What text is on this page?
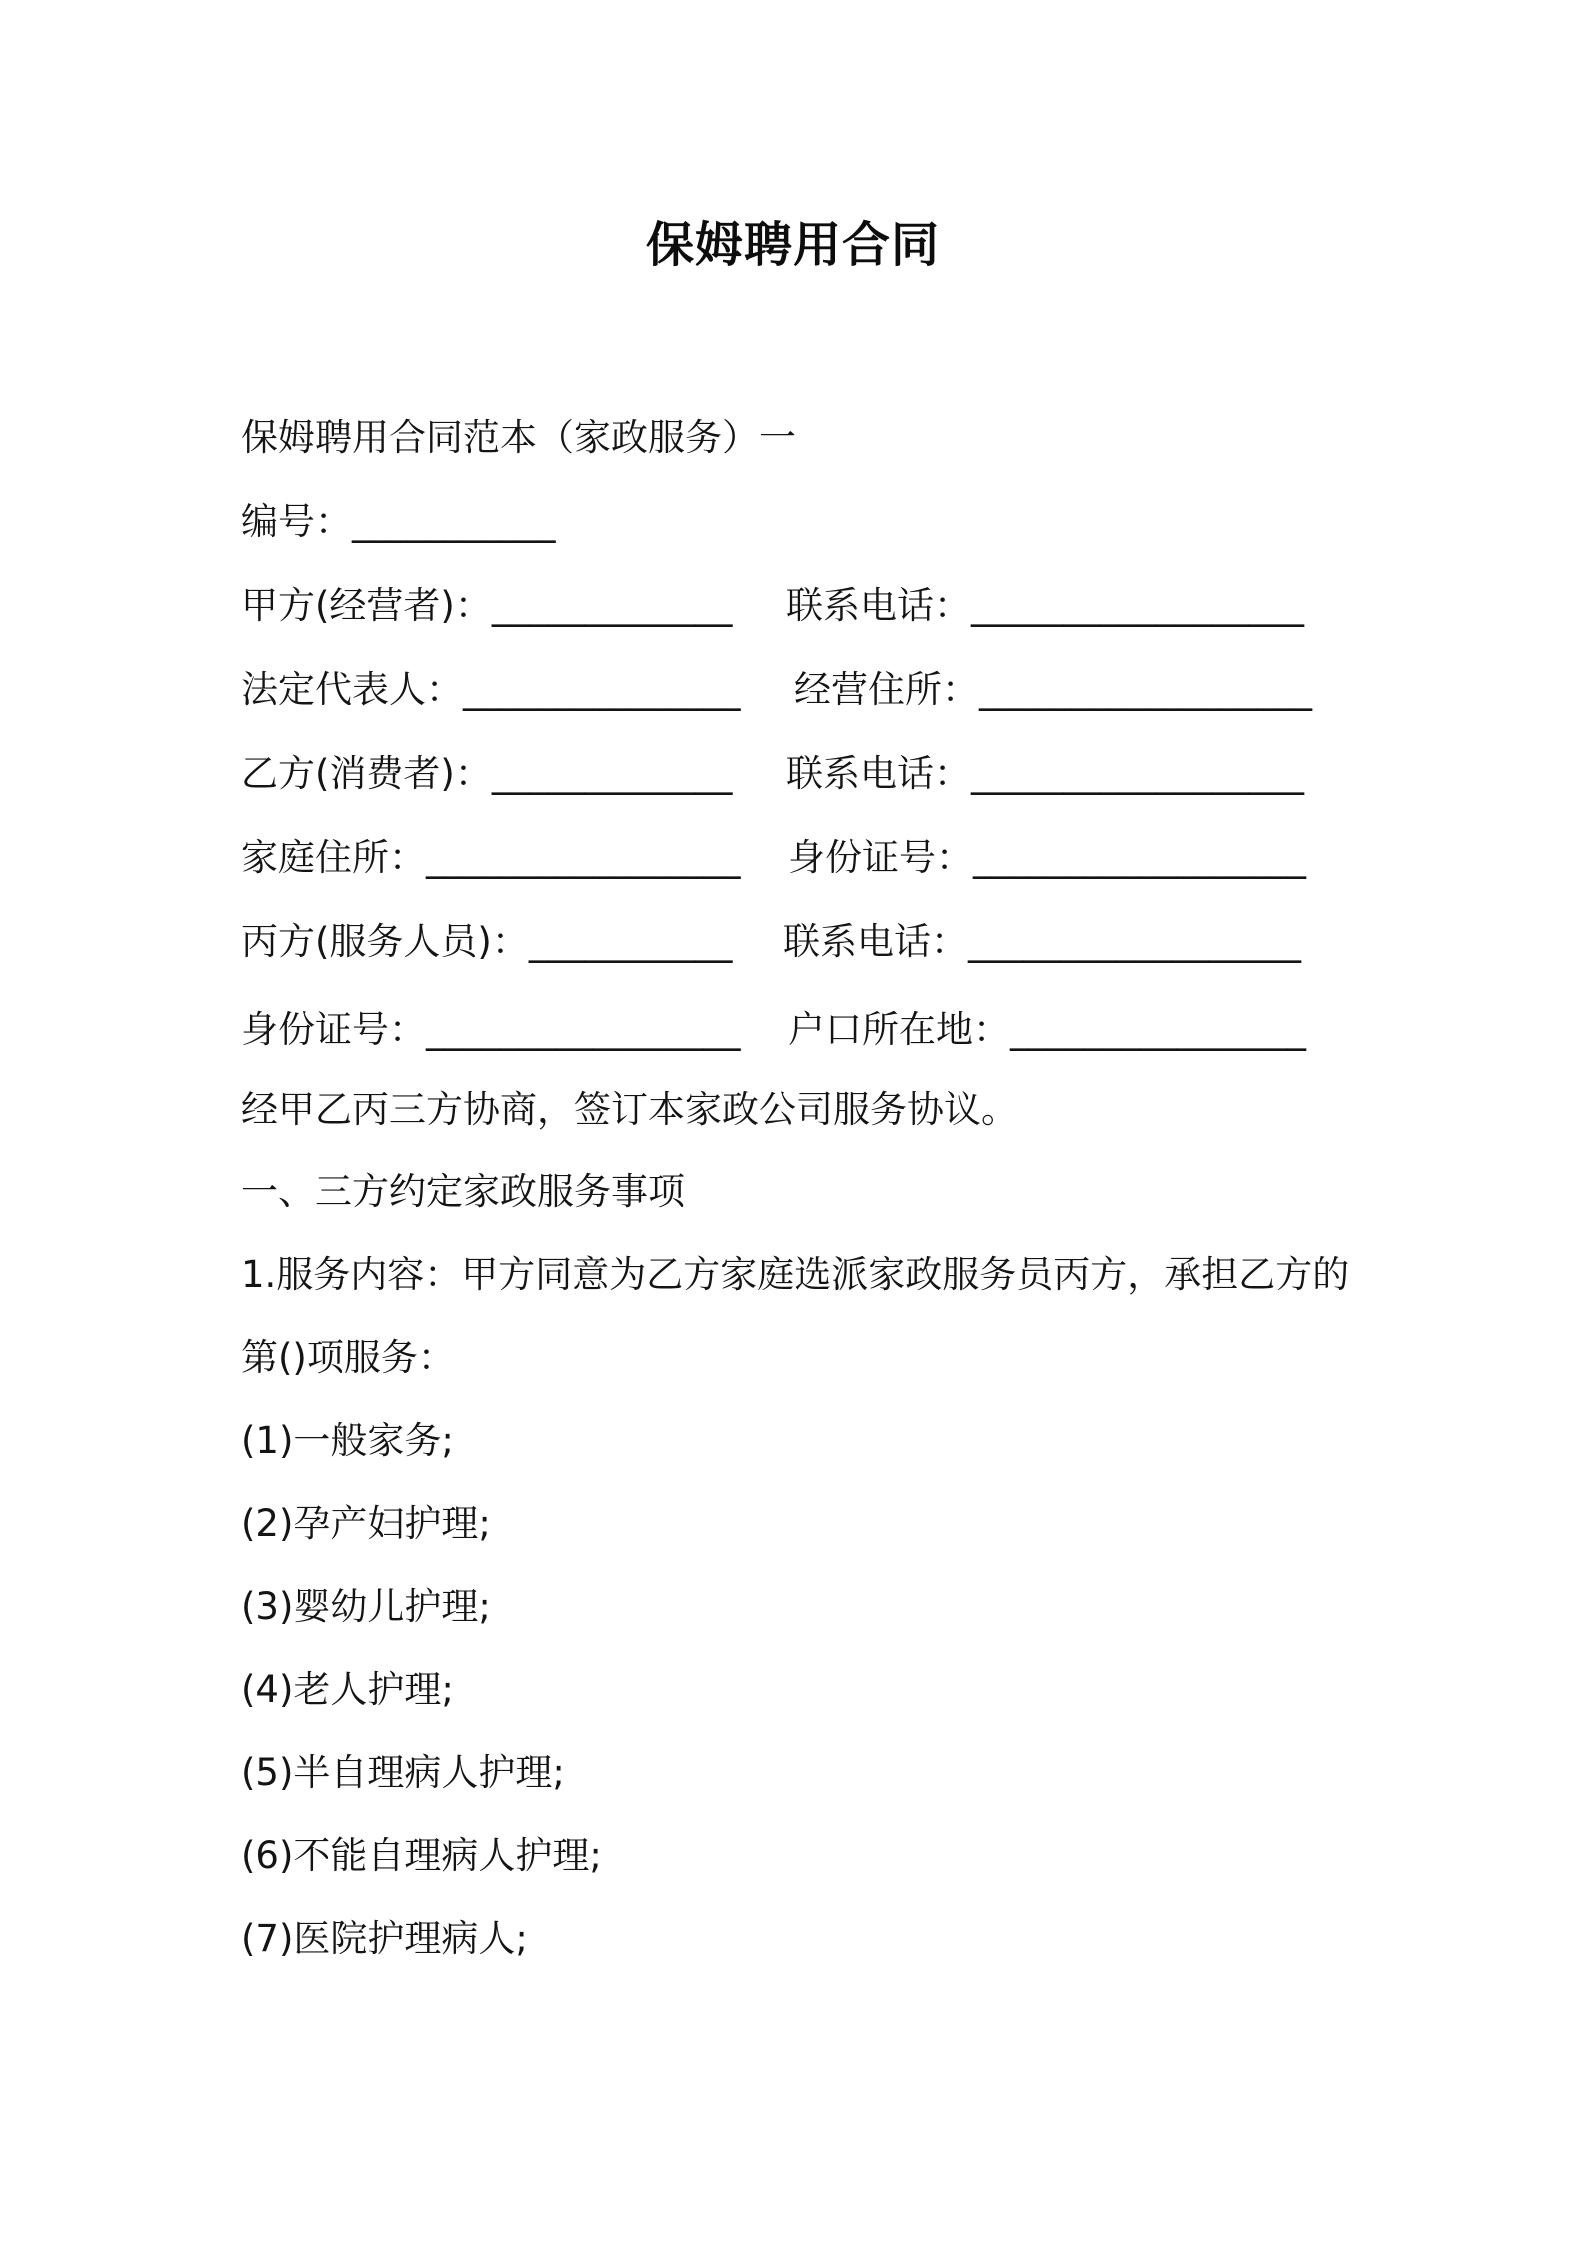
保姆聘用合同
保姆聘用合同范本（家政服务）一
编号：___________
甲方(经营者)：_____________ 联系电话：__________________
法定代表人：_______________ 经营住所：__________________
乙方(消费者)：_____________ 联系电话：__________________
家庭住所：_________________ 身份证号：__________________
丙方(服务人员)：___________ 联系电话：__________________
身份证号：_________________ 户口所在地：________________
经甲乙丙三方协商，签订本家政公司服务协议。
一、三方约定家政服务事项
1.服务内容：甲方同意为乙方家庭选派家政服务员丙方，承担乙方的
第()项服务：
(1)一般家务;
(2)孕产妇护理;
(3)婴幼儿护理;
(4)老人护理;
(5)半自理病人护理;
(6)不能自理病人护理;
(7)医院护理病人;
